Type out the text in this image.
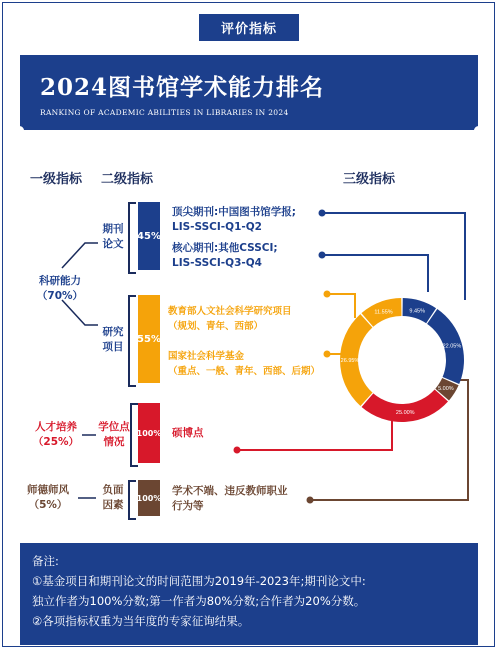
评价指标
2024图书馆学术能力排名
RANKING OF ACADEMIC ABILITIES IN LIBRARIES IN 2024
一级指标 二级指标	三级指标
科研能力
（70%）
人才培养
（25%）
师德师风
（5%）
期刊
论文
研究
项目
学位点
情况
负面
因素
45%
55%
100%
100%
顶尖期刊:中国图书馆学报;
LIS-SSCI-Q1-Q2
核心期刊:其他CSSCI;
LIS-SSCI-Q3-Q4
教育部人文社会科学研究项目
（规划、青年、西部）
国家社会科学基金
（重点、一般、青年、西部、后期）
硕博点
学术不端、违反教师职业
行为等
9.45%
22.05%
5.00%
25.00%
26.95%
11.55%
备注:
①基金项目和期刊论文的时间范围为2019年-2023年;期刊论文中:
独立作者为100%分数;第一作者为80%分数;合作者为20%分数。
②各项指标权重为当年度的专家征询结果。
